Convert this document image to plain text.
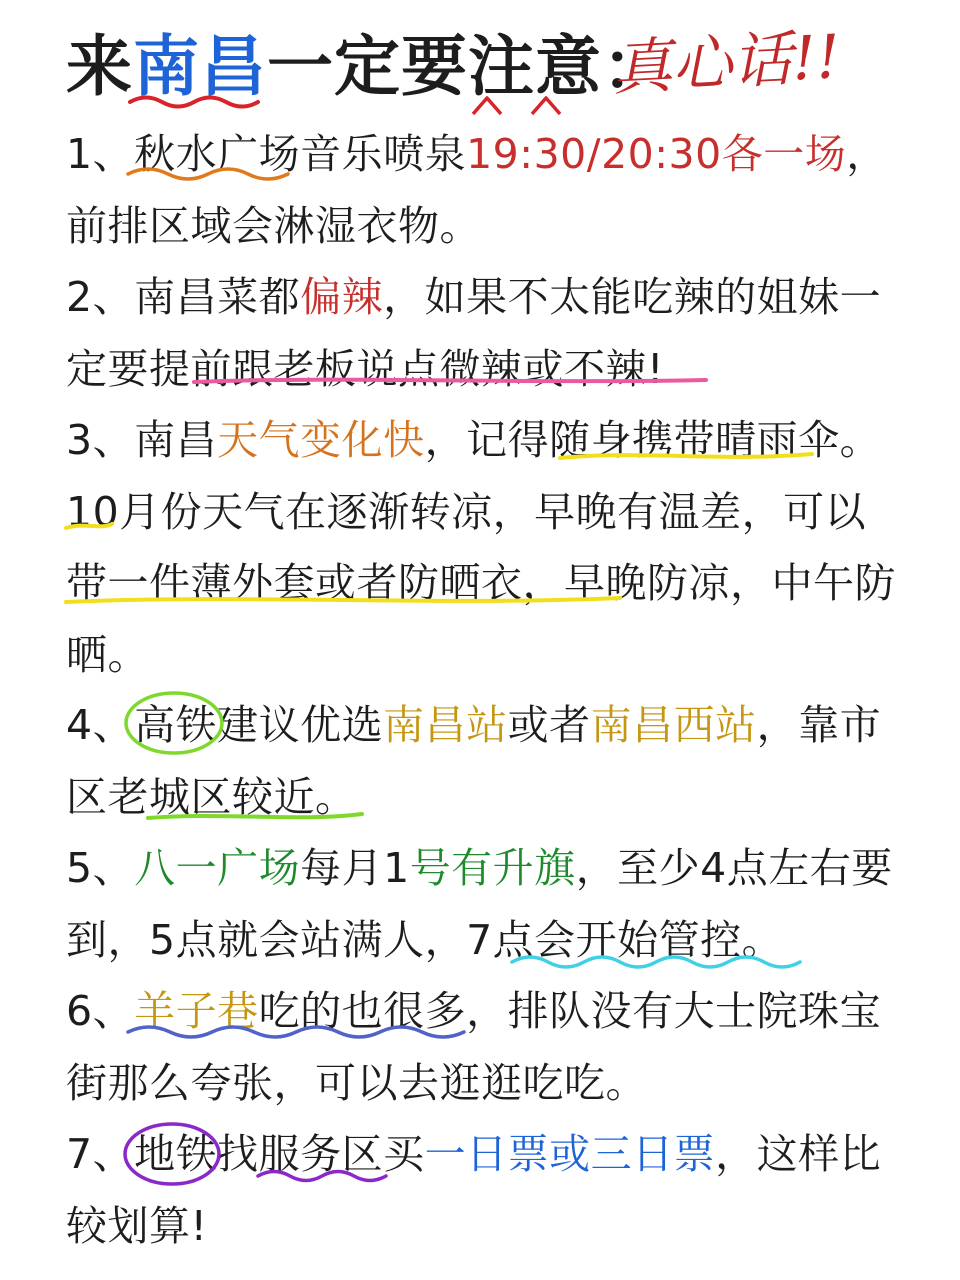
来南昌一定要注意：
真心话!!

1、秋水广场音乐喷泉19:30/20:30各一场，前排区域会淋湿衣物。

2、南昌菜都偏辣，如果不太能吃辣的姐妹一定要提前跟老板说点微辣或不辣!

3、南昌天气变化快，记得随身携带晴雨伞。10月份天气在逐渐转凉，早晚有温差，可以带一件薄外套或者防晒衣，早晚防凉，中午防晒。

4、高铁建议优选南昌站或者南昌西站，靠市区老城区较近。

5、八一广场每月1号有升旗，至少4点左右要到，5点就会站满人，7点会开始管控。

6、羊子巷吃的也很多，排队没有大士院珠宝街那么夸张，可以去逛逛吃吃。

7、地铁找服务区买一日票或三日票，这样比较划算!
